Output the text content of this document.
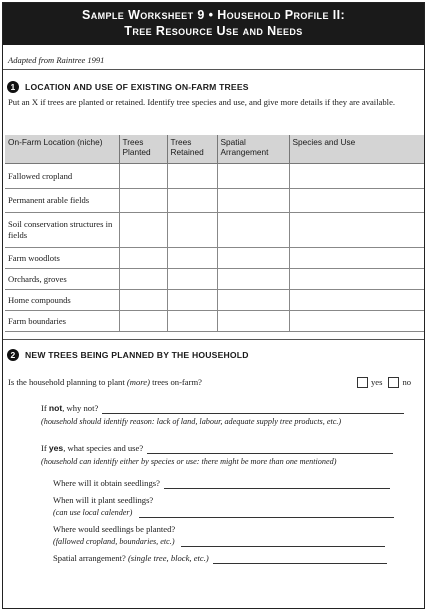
Sample Worksheet 9 • Household Profile II:
Tree Resource Use and Needs
Adapted from Raintree 1991
1	LOCATION AND USE OF EXISTING ON-FARM TREES
Put an X if trees are planted or retained. Identify tree species and use, and give more details if they are available.
On-Farm Location (niche)	Trees Planted	Trees Retained	Spatial Arrangement	Species and Use
Fallowed cropland				
Permanent arable fields				
Soil conservation structures in fields				
Farm woodlots				
Orchards, groves				
Home compounds				
Farm boundaries				
2	NEW TREES BEING PLANNED BY THE HOUSEHOLD
Is the household planning to plant (more) trees on-farm?	yes no
If not, why not?
(household should identify reason: lack of land, labour, adequate supply tree products, etc.)
If yes, what species and use?
(household can identify either by species or use: there might be more than one mentioned)
Where will it obtain seedlings?
When will it plant seedlings?
(can use local calender)
Where would seedlings be planted?
(fallowed cropland, boundaries, etc.)
Spatial arrangement? (single tree, block, etc.)
